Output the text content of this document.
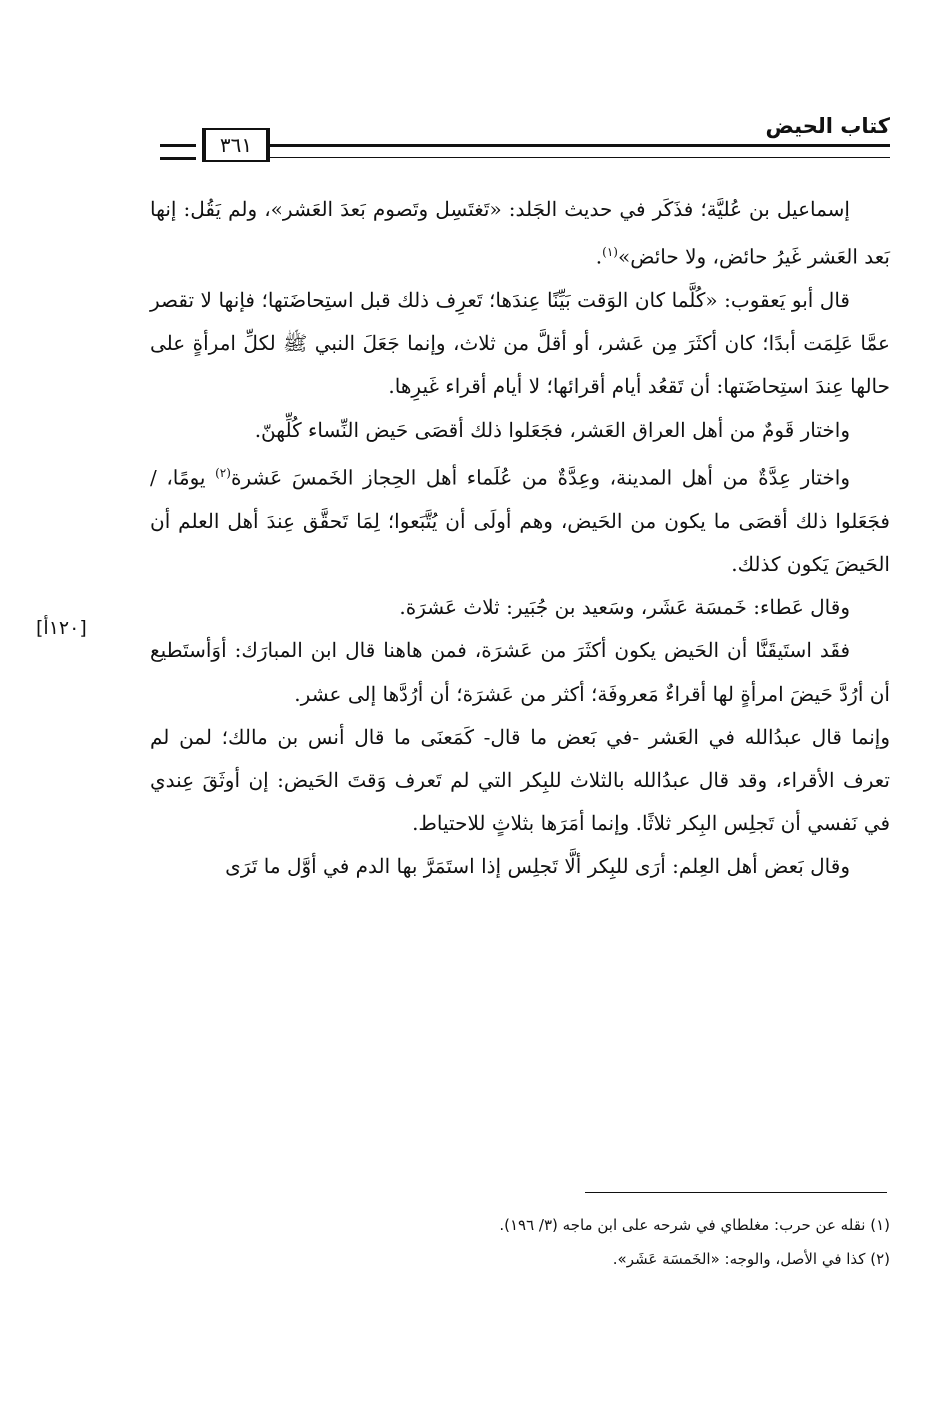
كتاب الحيض
٣٦١

إسماعيل بن عُليَّة؛ فذَكَر في حديث الجَلد: «تَغتَسِل وتَصوم بَعدَ العَشر»، ولم يَقُل: إنها بَعد العَشر غَيرُ حائض، ولا حائض»$^{(١)}$.

قال أبو يَعقوب: «كُلَّما كان الوَقت بَيِّنًا عِندَها؛ تَعرِف ذلك قبل استِحاضَتها؛ فإنها لا تقصر عمَّا عَلِمَت أبدًا؛ كان أكثَرَ مِن عَشر، أو أقلَّ من ثلاث، وإنما جَعَلَ النبي ﷺ لكلِّ امرأةٍ على حالها عِندَ استِحاضَتها: أن تَقعُد أيام أقرائها؛ لا أيام أقراء غَيرِها.

واختار قَومٌ من أهل العراق العَشر، فجَعَلوا ذلك أقصَى حَيض النِّساء كُلِّهنّ.

واختار عِدَّةٌ من أهل المدينة، وعِدَّةٌ من عُلَماء أهل الحِجاز الخَمسَ عَشرة$^{(٢)}$ يومًا، / فجَعَلوا ذلك أقصَى ما يكون من الحَيض، وهم أولَى أن يُتَّبَعوا؛ لِمَا تَحقَّق عِندَ أهل العلم أن الحَيضَ يَكون كذلك.

وقال عَطاء: خَمسَة عَشَر، وسَعيد بن جُبَير: ثلاث عَشرَة.

فقَد استَيقَنَّا أن الحَيض يكون أكثَرَ من عَشرَة، فمن هاهنا قال ابن المبارَك: أوَأستَطيع أن أرُدَّ حَيضَ امرأةٍ لها أقراءٌ مَعروفَة؛ أكثر من عَشرَة؛ أن أرُدَّها إلى عشر.

وإنما قال عبدُالله في العَشر -في بَعض ما قال- كَمَعنَى ما قال أنس بن مالك؛ لمن لم تعرف الأقراء، وقد قال عبدُالله بالثلاث للبِكر التي لم تَعرف وَقتَ الحَيض: إن أوثَقَ عِندي في نَفسي أن تَجلِس البِكر ثلاثًا. وإنما أمَرَها بثلاثٍ للاحتياط.

وقال بَعض أهل العِلم: أرَى للبِكر ألَّا تَجلِس إذا استَمَرَّ بها الدم في أوَّل ما تَرَى

[١٢٠أ]

(١) نقله عن حرب: مغلطاي في شرحه على ابن ماجه (٣/ ١٩٦).

(٢) كذا في الأصل، والوجه: «الخَمسَة عَشَر».
